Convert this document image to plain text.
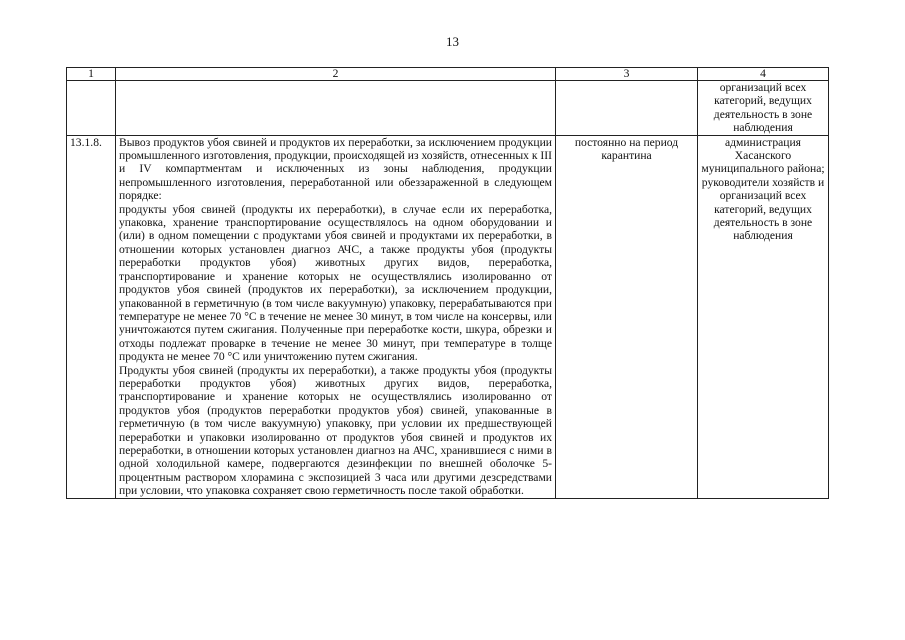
13
1	2	3	4
			организаций всех категорий, ведущих деятельность в зоне наблюдения
13.1.8.	Вывоз продуктов убоя свиней и продуктов их переработки, за исключением продукции промышленного изготовления, продукции, происходящей из хозяйств, отнесенных к III и IV компартментам и исключенных из зоны наблюдения, продукции непромышленного изготовления, переработанной или обеззараженной в следующем порядке:
продукты убоя свиней (продукты их переработки), в случае если их переработка, упаковка, хранение транспортирование осуществлялось на одном оборудовании и (или) в одном помещении с продуктами убоя свиней и продуктами их переработки, в отношении которых установлен диагноз АЧС, а также продукты убоя (продукты переработки продуктов убоя) животных других видов, переработка, транспортирование и хранение которых не осуществлялись изолированно от продуктов убоя свиней (продуктов их переработки), за исключением продукции, упакованной в герметичную (в том числе вакуумную) упаковку, перерабатываются при температуре не менее 70 °С в течение не менее 30 минут, в том числе на консервы, или уничтожаются путем сжигания. Полученные при переработке кости, шкура, обрезки и отходы подлежат проварке в течение не менее 30 минут, при температуре в толще продукта не менее 70 °С или уничтожению путем сжигания.
Продукты убоя свиней (продукты их переработки), а также продукты убоя (продукты переработки продуктов убоя) животных других видов, переработка, транспортирование и хранение которых не осуществлялись изолированно от продуктов убоя (продуктов переработки продуктов убоя) свиней, упакованные в герметичную (в том числе вакуумную) упаковку, при условии их предшествующей переработки и упаковки изолированно от продуктов убоя свиней и продуктов их переработки, в отношении которых установлен диагноз на АЧС, хранившиеся с ними в одной холодильной камере, подвергаются дезинфекции по внешней оболочке 5-процентным раствором хлорамина с экспозицией 3 часа или другими дезсредствами при условии, что упаковка сохраняет свою герметичность после такой обработки.	постоянно на период карантина	администрация Хасанского муниципального района; руководители хозяйств и организаций всех категорий, ведущих деятельность в зоне наблюдения
